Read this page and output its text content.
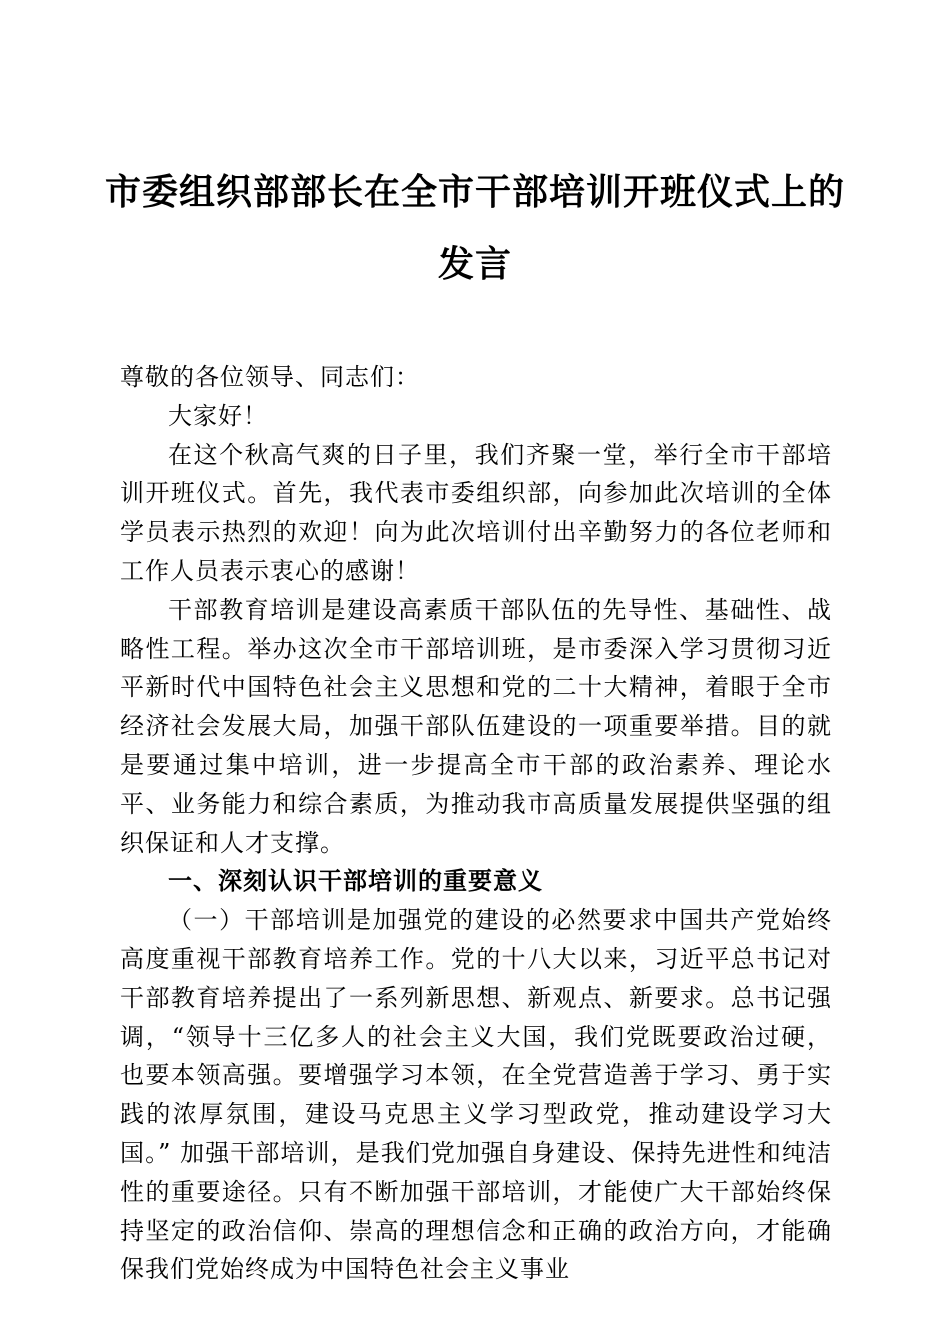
市委组织部部长在全市干部培训开班仪式上的
发言

尊敬的各位领导、同志们：

大家好！

在这个秋高气爽的日子里，我们齐聚一堂，举行全市干部培训开班仪式。首先，我代表市委组织部，向参加此次培训的全体学员表示热烈的欢迎！向为此次培训付出辛勤努力的各位老师和工作人员表示衷心的感谢！

干部教育培训是建设高素质干部队伍的先导性、基础性、战略性工程。举办这次全市干部培训班，是市委深入学习贯彻习近平新时代中国特色社会主义思想和党的二十大精神，着眼于全市经济社会发展大局，加强干部队伍建设的一项重要举措。目的就是要通过集中培训，进一步提高全市干部的政治素养、理论水平、业务能力和综合素质，为推动我市高质量发展提供坚强的组织保证和人才支撑。

一、深刻认识干部培训的重要意义

（一）干部培训是加强党的建设的必然要求中国共产党始终高度重视干部教育培养工作。党的十八大以来，习近平总书记对干部教育培养提出了一系列新思想、新观点、新要求。总书记强调，“领导十三亿多人的社会主义大国，我们党既要政治过硬，也要本领高强。要增强学习本领，在全党营造善于学习、勇于实践的浓厚氛围，建设马克思主义学习型政党，推动建设学习大国。” 加强干部培训，是我们党加强自身建设、保持先进性和纯洁性的重要途径。只有不断加强干部培训，才能使广大干部始终保持坚定的政治信仰、崇高的理想信念和正确的政治方向，才能确保我们党始终成为中国特色社会主义事业
